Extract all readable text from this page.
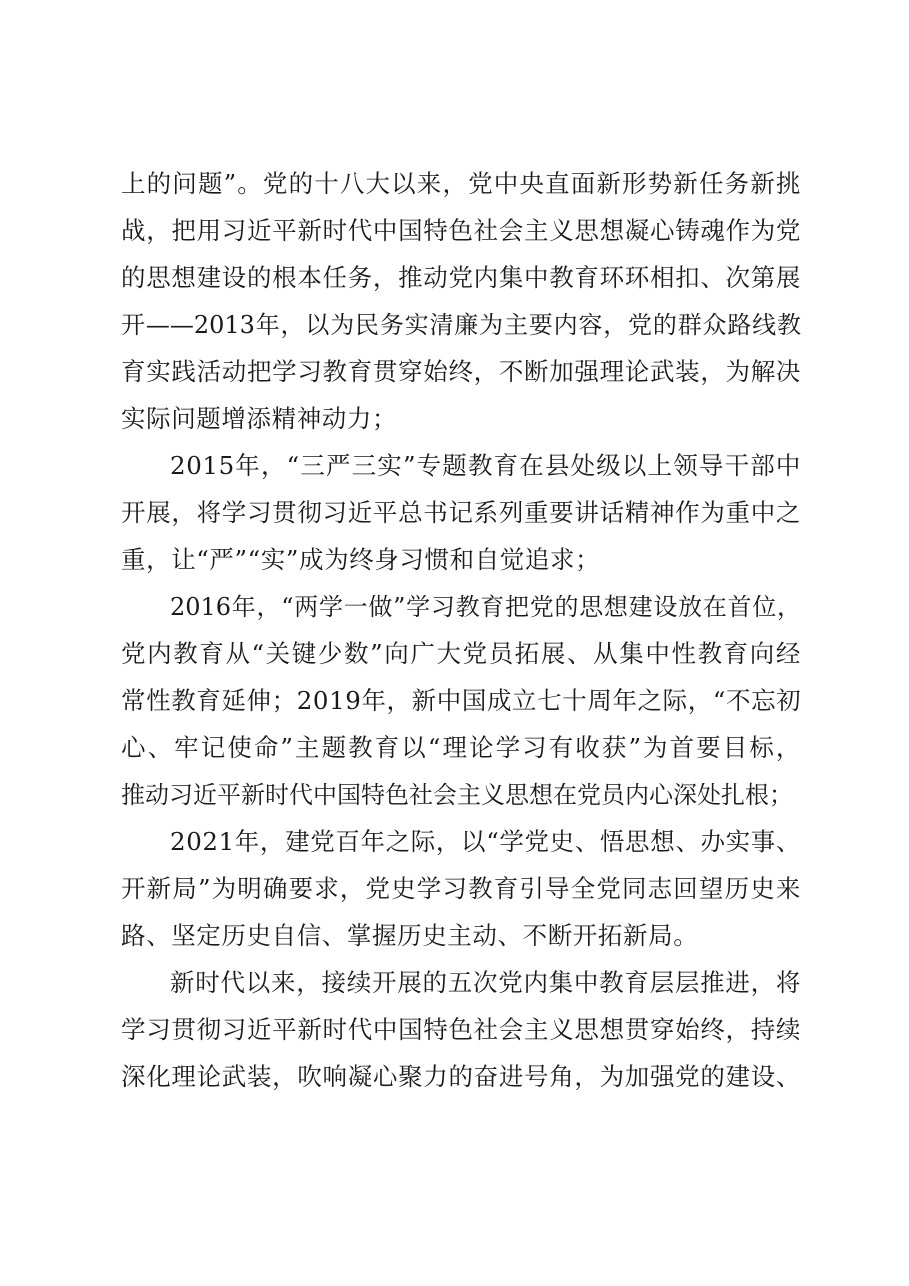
上的问题”。党的十八大以来，党中央直面新形势新任务新挑
战，把用习近平新时代中国特色社会主义思想凝心铸魂作为党
的思想建设的根本任务，推动党内集中教育环环相扣、次第展
开——2013年，以为民务实清廉为主要内容，党的群众路线教
育实践活动把学习教育贯穿始终，不断加强理论武装，为解决
实际问题增添精神动力；
2015年，“三严三实”专题教育在县处级以上领导干部中
开展，将学习贯彻习近平总书记系列重要讲话精神作为重中之
重，让“严”“实”成为终身习惯和自觉追求；
2016年，“两学一做”学习教育把党的思想建设放在首位，
党内教育从“关键少数”向广大党员拓展、从集中性教育向经
常性教育延伸；2019年，新中国成立七十周年之际，“不忘初
心、牢记使命”主题教育以“理论学习有收获”为首要目标，
推动习近平新时代中国特色社会主义思想在党员内心深处扎根；
2021年，建党百年之际，以“学党史、悟思想、办实事、
开新局”为明确要求，党史学习教育引导全党同志回望历史来
路、坚定历史自信、掌握历史主动、不断开拓新局。
新时代以来，接续开展的五次党内集中教育层层推进，将
学习贯彻习近平新时代中国特色社会主义思想贯穿始终，持续
深化理论武装，吹响凝心聚力的奋进号角，为加强党的建设、
